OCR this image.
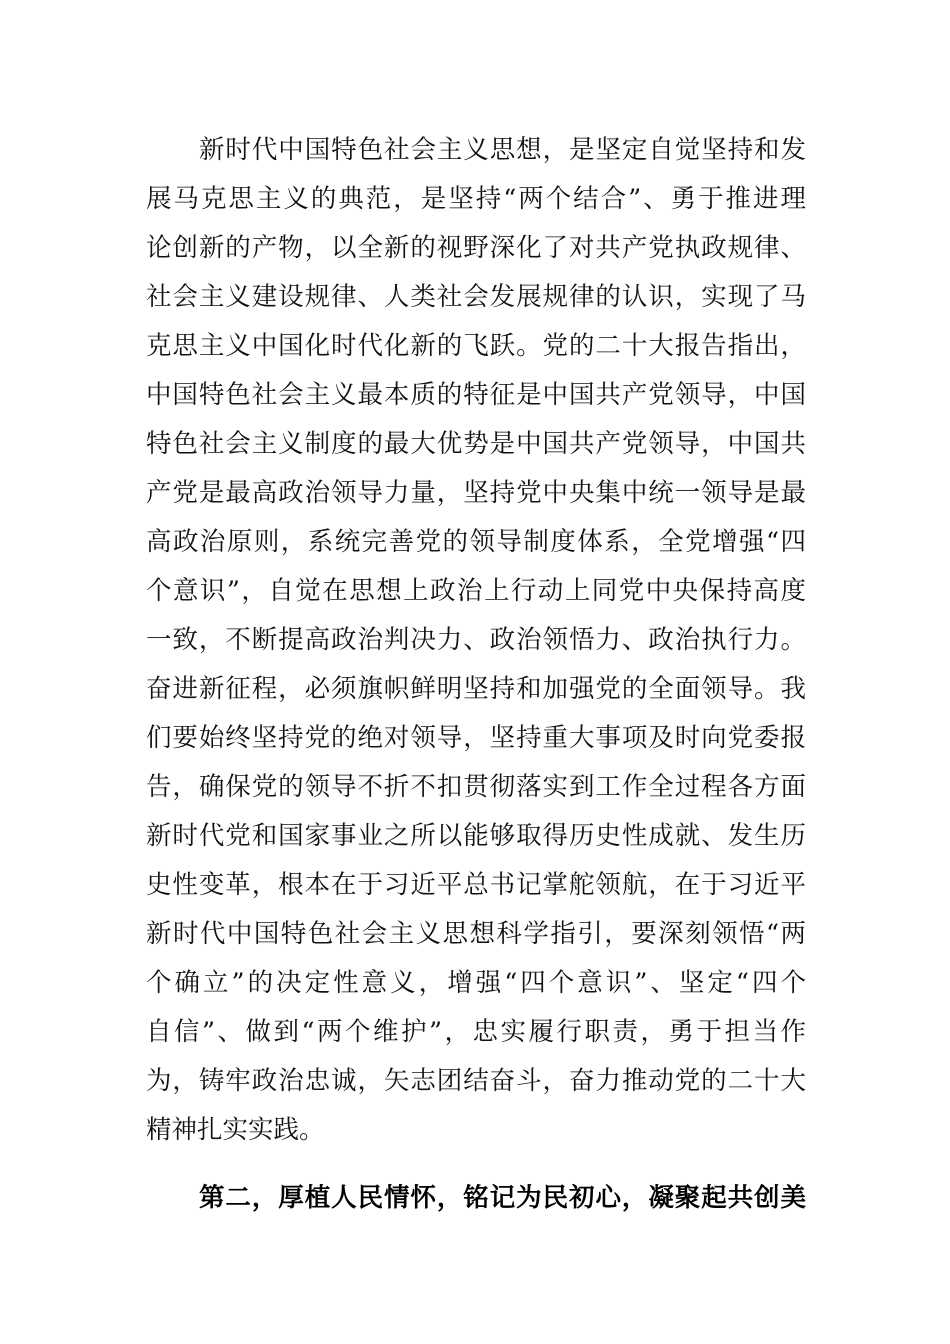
新时代中国特色社会主义思想，是坚定自觉坚持和发
展马克思主义的典范，是坚持“两个结合”、勇于推进理
论创新的产物，以全新的视野深化了对共产党执政规律、
社会主义建设规律、人类社会发展规律的认识，实现了马
克思主义中国化时代化新的飞跃。党的二十大报告指出，
中国特色社会主义最本质的特征是中国共产党领导，中国
特色社会主义制度的最大优势是中国共产党领导，中国共
产党是最高政治领导力量，坚持党中央集中统一领导是最
高政治原则，系统完善党的领导制度体系，全党增强“四
个意识”，自觉在思想上政治上行动上同党中央保持高度
一致，不断提高政治判决力、政治领悟力、政治执行力。
奋进新征程，必须旗帜鲜明坚持和加强党的全面领导。我
们要始终坚持党的绝对领导，坚持重大事项及时向党委报
告，确保党的领导不折不扣贯彻落实到工作全过程各方面
新时代党和国家事业之所以能够取得历史性成就、发生历
史性变革，根本在于习近平总书记掌舵领航，在于习近平
新时代中国特色社会主义思想科学指引，要深刻领悟“两
个确立”的决定性意义，增强“四个意识”、坚定“四个
自信”、做到“两个维护”，忠实履行职责，勇于担当作
为，铸牢政治忠诚，矢志团结奋斗，奋力推动党的二十大
精神扎实实践。
第二，厚植人民情怀，铭记为民初心，凝聚起共创美
